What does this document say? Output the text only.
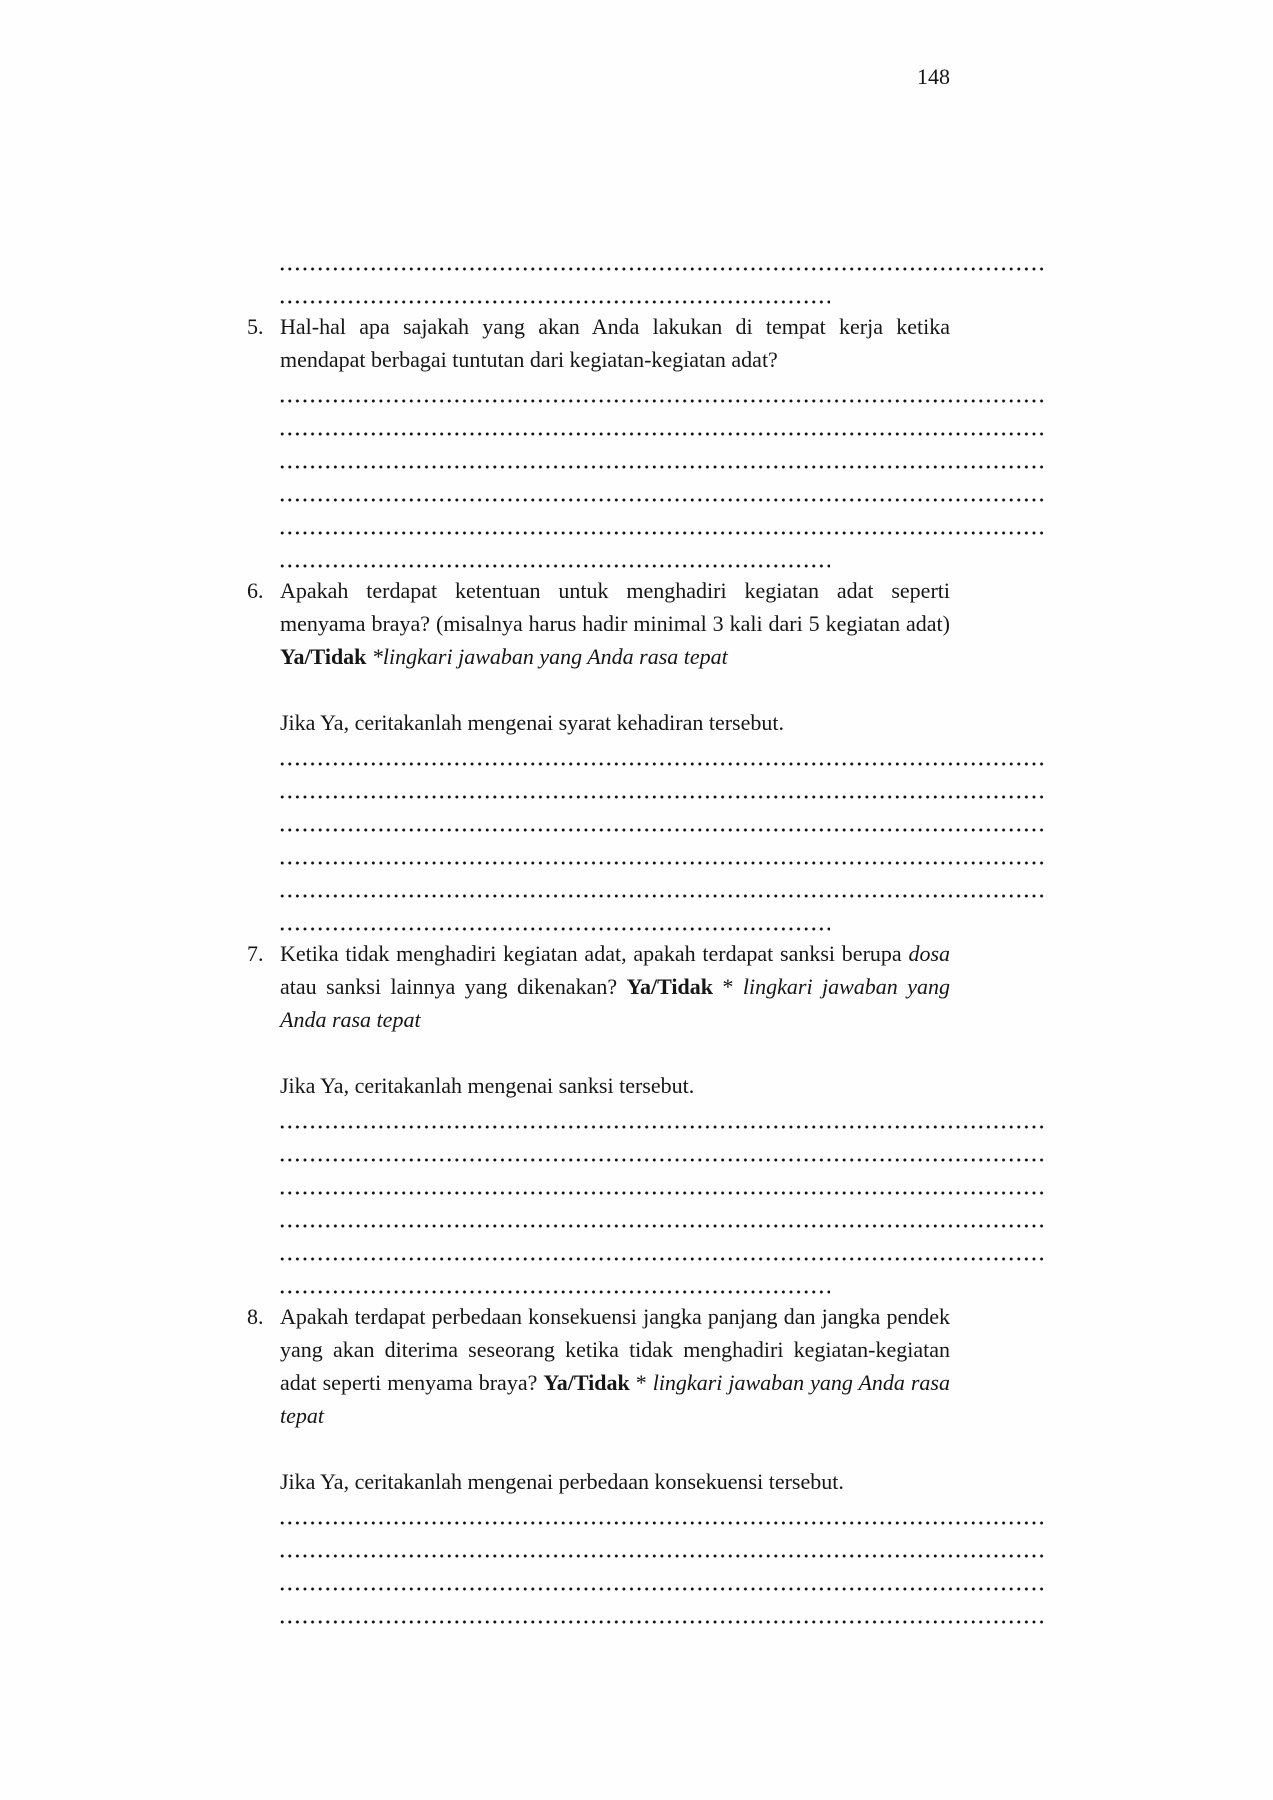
148

5. Hal-hal apa sajakah yang akan Anda lakukan di tempat kerja ketika mendapat berbagai tuntutan dari kegiatan-kegiatan adat?

6. Apakah terdapat ketentuan untuk menghadiri kegiatan adat seperti menyama braya? (misalnya harus hadir minimal 3 kali dari 5 kegiatan adat) Ya/Tidak *lingkari jawaban yang Anda rasa tepat

Jika Ya, ceritakanlah mengenai syarat kehadiran tersebut.

7. Ketika tidak menghadiri kegiatan adat, apakah terdapat sanksi berupa dosa atau sanksi lainnya yang dikenakan? Ya/Tidak * lingkari jawaban yang Anda rasa tepat

Jika Ya, ceritakanlah mengenai sanksi tersebut.

8. Apakah terdapat perbedaan konsekuensi jangka panjang dan jangka pendek yang akan diterima seseorang ketika tidak menghadiri kegiatan-kegiatan adat seperti menyama braya? Ya/Tidak * lingkari jawaban yang Anda rasa tepat

Jika Ya, ceritakanlah mengenai perbedaan konsekuensi tersebut.
